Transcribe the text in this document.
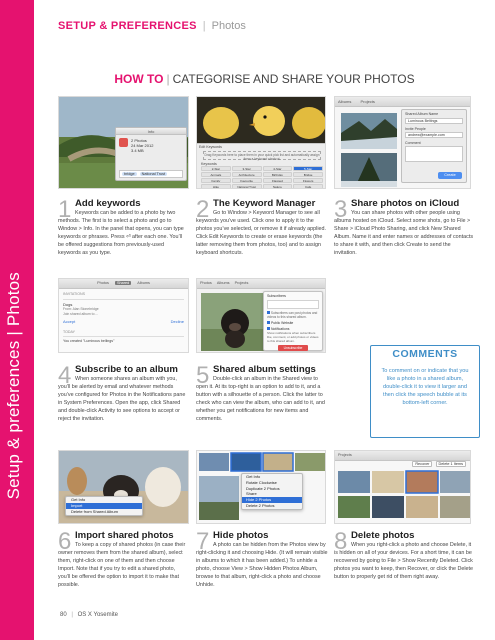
Setup & preferences | Photos
SETUP & PREFERENCES | Photos
HOW TO | CATEGORISE AND SHARE YOUR PHOTOS
Info
2 Photos
24 Mar 2012
3.4 MB
bridge National Trust
Edit Keywords
Drag Keywords here to place them in your quick pick list and automatically assign them a keyboard shortcut.
Keywords
2-Star	3-Star	4-Star	5-Star
Animals	Architecture	Birthday	Bridge
Family	Favourite	Flagged	Flowers
Hike	National Trust	Nature	Cafe
Albums Projects
Shared Album Name
Luminous Beltings
Invite People
andrew@example.com
Comment
Create
1 Add keywords
Keywords can be added to a photo by two methods. The first is to select a photo and go to Window > Info. In the panel that opens, you can type keywords or phrases. Press ⏎ after each one. You’ll be offered suggestions from previously-used keywords as you type.
2 The Keyword Manager
Go to Window > Keyword Manager to see all keywords you’ve used. Click one to apply it to the photos you’ve selected, or remove it if already applied. Click Edit Keywords to create or erase keywords (the latter removing them from photos, too) and to assign keyboard shortcuts.
3 Share photos on iCloud
You can share photos with other people using albums hosted on iCloud. Select some shots, go to File > Share > iCloud Photo Sharing, and click New Shared Album. Name it and enter names or addresses of contacts to share it with, and then click Create to send the invitation.
Photos Shared Albums
INVITATIONS
Dogs
From: Alan Stonebridge
Join shared album to ...
Accept	Decline
TODAY
You created "Luminous bellings"
Photos Albums Projects
Subscribers
Subscribers can post photos and videos to this shared album.
Public Website
Notifications
Show notifications when subscribers like, comment, or add photos or videos to this shared album.
Unsubscribe	COMMENTS
To comment on or indicate that you like a photo in a shared album, double-click it to view it larger and then click the speech bubble at its bottom-left corner.
4 Subscribe to an album
When someone shares an album with you, you’ll be alerted by email and whatever methods you’ve configured for Photos in the Notifications pane in System Preferences. Open the app, click Shared and double-click Activity to see options to accept or reject the invitation.
5 Shared album settings
Double-click an album in the Shared view to open it. At its top-right is an option to add to it, and a button with a silhouette of a person. Click the latter to check who can view the album, who can add to it, and whether you get notifications for new items and comments.
Get Info
Import
Delete from Shared Album
Get Info
Rotate Clockwise
Duplicate 2 Photos
Share
Hide 2 Photos
Delete 2 Photos
Projects
Recover Delete 1 Items
6 Import shared photos
To keep a copy of shared photos (in case their owner removes them from the shared album), select them, right-click on one of them and then choose Import. Note that if you try to edit a shared photo, you’ll be offered the option to import it to make that possible.
7 Hide photos
A photo can be hidden from the Photos view by right-clicking it and choosing Hide. (It will remain visible in albums to which it has been added.) To unhide a photo, choose View > Show Hidden Photos Album, browse to that album, right-click a photo and choose Unhide.
8 Delete photos
When you right-click a photo and choose Delete, it is hidden on all of your devices. For a short time, it can be recovered by going to File > Show Recently Deleted. Click photos you want to keep, then Recover, or click the Delete button to properly get rid of them right away.
80 | OS X Yosemite
